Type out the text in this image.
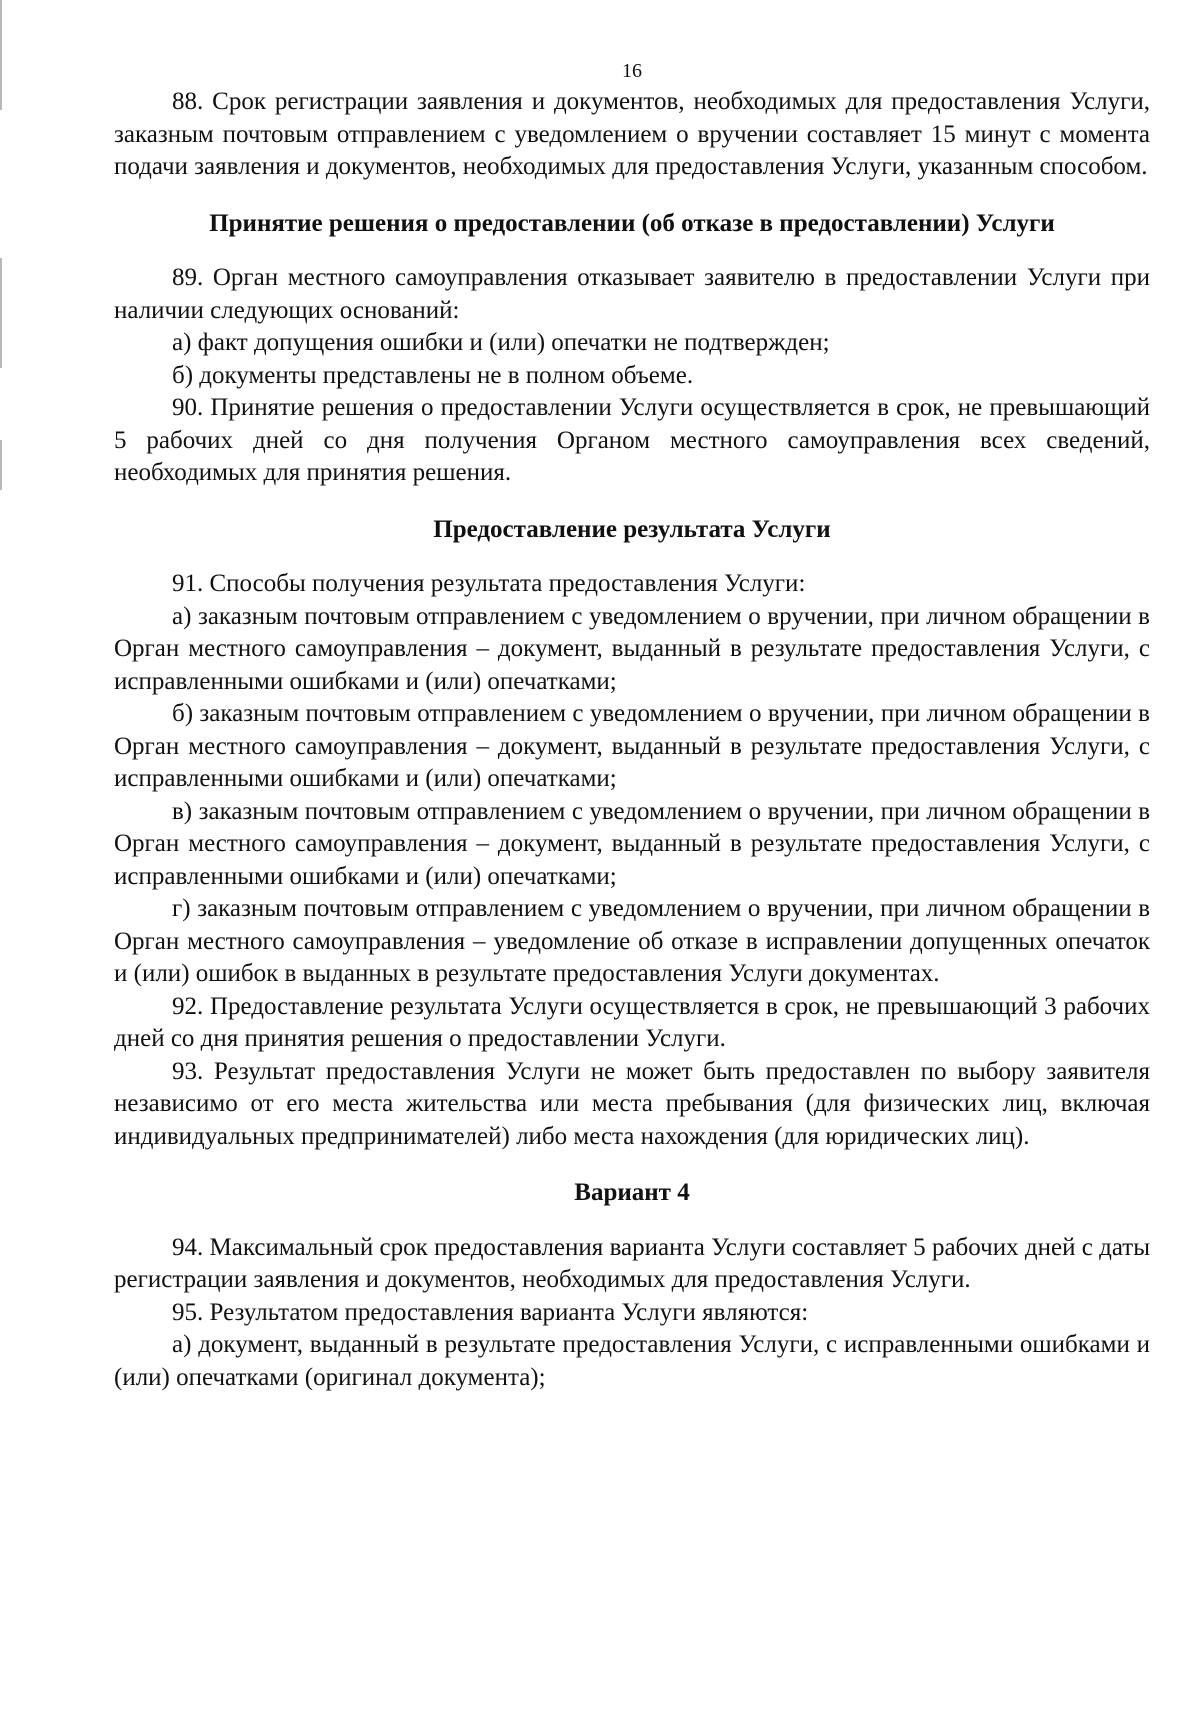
16

88. Срок регистрации заявления и документов, необходимых для предоставления Услуги, заказным почтовым отправлением с уведомлением о вручении составляет 15 минут с момента подачи заявления и документов, необходимых для предоставления Услуги, указанным способом.

Принятие решения о предоставлении (об отказе в предоставлении) Услуги

89. Орган местного самоуправления отказывает заявителю в предоставлении Услуги при наличии следующих оснований:

а) факт допущения ошибки и (или) опечатки не подтвержден;

б) документы представлены не в полном объеме.

90. Принятие решения о предоставлении Услуги осуществляется в срок, не превышающий 5 рабочих дней со дня получения Органом местного самоуправления всех сведений, необходимых для принятия решения.

Предоставление результата Услуги

91. Способы получения результата предоставления Услуги:

а) заказным почтовым отправлением с уведомлением о вручении, при личном обращении в Орган местного самоуправления – документ, выданный в результате предоставления Услуги, с исправленными ошибками и (или) опечатками;

б) заказным почтовым отправлением с уведомлением о вручении, при личном обращении в Орган местного самоуправления – документ, выданный в результате предоставления Услуги, с исправленными ошибками и (или) опечатками;

в) заказным почтовым отправлением с уведомлением о вручении, при личном обращении в Орган местного самоуправления – документ, выданный в результате предоставления Услуги, с исправленными ошибками и (или) опечатками;

г) заказным почтовым отправлением с уведомлением о вручении, при личном обращении в Орган местного самоуправления – уведомление об отказе в исправлении допущенных опечаток и (или) ошибок в выданных в результате предоставления Услуги документах.

92. Предоставление результата Услуги осуществляется в срок, не превышающий 3 рабочих дней со дня принятия решения о предоставлении Услуги.

93. Результат предоставления Услуги не может быть предоставлен по выбору заявителя независимо от его места жительства или места пребывания (для физических лиц, включая индивидуальных предпринимателей) либо места нахождения (для юридических лиц).

Вариант 4

94. Максимальный срок предоставления варианта Услуги составляет 5 рабочих дней с даты регистрации заявления и документов, необходимых для предоставления Услуги.

95. Результатом предоставления варианта Услуги являются:

а) документ, выданный в результате предоставления Услуги, с исправленными ошибками и (или) опечатками (оригинал документа);
